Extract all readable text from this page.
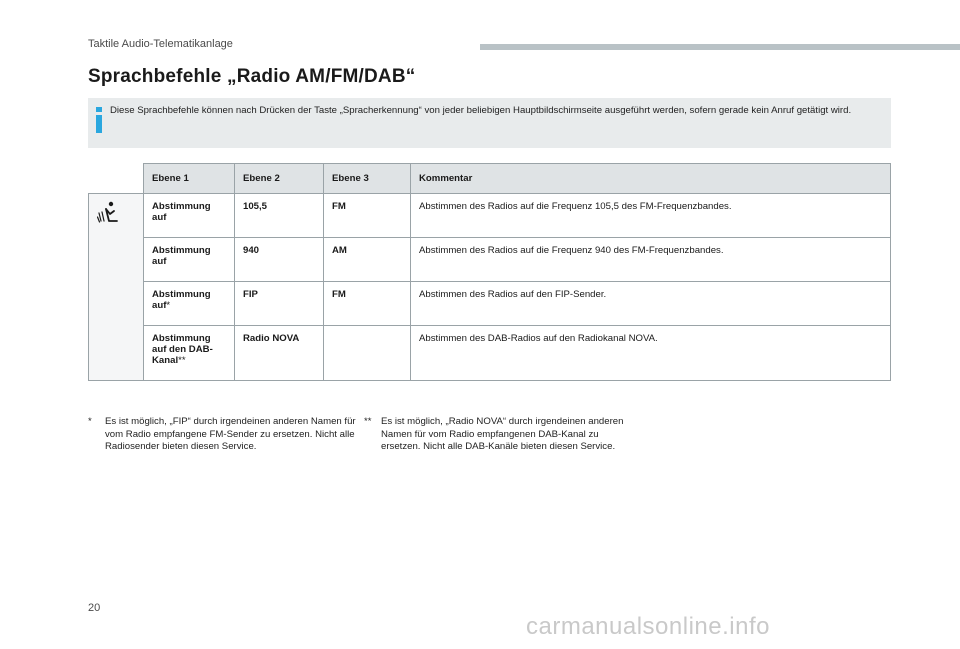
Taktile Audio-Telematikanlage
Sprachbefehle „Radio AM/FM/DAB“
Diese Sprachbefehle können nach Drücken der Taste „Spracherkennung“ von jeder beliebigen Hauptbildschirmseite ausgeführt werden, sofern gerade kein Anruf getätigt wird.
	Ebene 1	Ebene 2	Ebene 3	Kommentar
	Abstimmung auf	105,5	FM	Abstimmen des Radios auf die Frequenz 105,5 des FM-Frequenzbandes.
	Abstimmung auf	940	AM	Abstimmen des Radios auf die Frequenz 940 des FM-Frequenzbandes.
	Abstimmung auf*	FIP	FM	Abstimmen des Radios auf den FIP-Sender.
	Abstimmung auf den DAB-Kanal**	Radio NOVA		Abstimmen des DAB-Radios auf den Radiokanal NOVA.
* Es ist möglich, „FIP“ durch irgendeinen anderen Namen für vom Radio empfangene FM-Sender zu ersetzen. Nicht alle Radiosender bieten diesen Service.
** Es ist möglich, „Radio NOVA“ durch irgendeinen anderen Namen für vom Radio empfangenen DAB-Kanal zu ersetzen. Nicht alle DAB-Kanäle bieten diesen Service.
20
carmanualsonline.info
